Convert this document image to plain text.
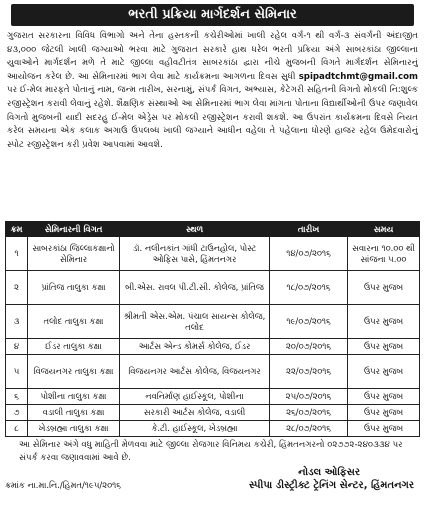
ભરતી પ્રક્રિયા માર્ગદર્શન સેમિનાર

ગુજરાત સરકારના વિવિધ વિભાગો અને તેના હસ્તકની કચેરીઓમાં ખાલી રહેલ વર્ગ-૧ થી વર્ગ-૩ સંવર્ગની અંદાજીત ૪૩,૦૦૦ જેટલી ખાલી જગ્યાઓ ભરવા માટે ગુજરાત સરકારે હાથ ધરેલ ભરતી પ્રક્રિયા અંગે સાબરકાંઠા જીલ્લાના યુવાઓને માર્ગદર્શન મળે તે માટે જીલ્લા વહીવટીતંત્ર સાબરકાંઠા દ્વારા નીચે મુજબની વિગતે માર્ગદર્શન સેમિનારનું આયોજન કરેલ છે. આ સેમિનારમાં ભાગ લેવા માટે કાર્યક્રમના આગળના દિવસ સુધી spipadtchmt@gmail.com પર ઈ-મેલ મારફતે પોતાનું નામ, જન્મ તારીખ, સરનામું, સંપર્ક વિગત, અભ્યાસ, કેટેગરી સહિતની વિગતો મોકલી નિ:શુલ્ક રજીસ્ટ્રેશન કરાવી લેવાનું રહેશે. શૈક્ષણિક સંસ્થાઓ આ સેમિનારમાં ભાગ લેવા માંગતા પોતાના વિદ્યાર્થીઓની ઉપર જણાવેલ વિગતો મુજબની યાદી સદરહુ ઈ-મેલ એડ્રેસ પર મોકલી રજીસ્ટ્રેશન કરાવી શકશે. આ ઉપરાંત કાર્યક્રમના દિવસે નિયત કરેલ સમયના એક કલાક અગાઉ ઉપલબ્ધ ખાલી જગ્યાને આધીન વહેલા તે પહેલાના ધોરણે હાજર રહેલ ઉમેદવારોનું સ્પોટ રજીસ્ટ્રેશન કરી પ્રવેશ આપવામાં આવશે.

ક્રમ	સેમિનારની વિગત	સ્થળ	તારીખ	સમય
૧	સાબરકાંઠા જિલ્લાકક્ષાનો સેમિનાર	ડૉ. નલીનકાંત ગાંધી ટાઉનહોલ, પોસ્ટ ઓફિસ પાસે, હિંમતનગર	૧૪/૦૭/૨૦૧૬	સવારના ૧૦.૦૦ થી સાંજના ૫.૦૦
૨	પ્રાંતિજ તાલુકા કક્ષા	બી.એસ. રાવલ પી.ટી.સી. કોલેજ, પ્રાંતિજ	૧૮/૦૭/૨૦૧૬	ઉપર મુજબ
૩	તલોદ તાલુકા કક્ષા	શ્રીમતી એસ.એમ. પંચાલ સાયન્સ કોલેજ, તલોદ	૧૯/૦૭/૨૦૧૬	ઉપર મુજબ
૪	ઈડર તાલુકા કક્ષા	આર્ટસ એન્ડ કોમર્સ કોલેજ, ઈડર	૨૦/૦૭/૨૦૧૬	ઉપર મુજબ
૫	વિજયનગર તાલુકા કક્ષા	વિજયનગર આર્ટસ કોલેજ, વિજયનગર	૨૨/૦૭/૨૦૧૬	ઉપર મુજબ
૬	પોશીના તાલુકા કક્ષા	નવનિર્માણ હાઈસ્કૂલ, પોશીના	૨૫/૦૭/૨૦૧૬	ઉપર મુજબ
૭	વડાલી તાલુકા કક્ષા	સરકારી આર્ટસ કોલેજ, વડાલી	૨૬/૦૭/૨૦૧૬	ઉપર મુજબ
૮	ખેડબ્રહ્મા તાલુકા કક્ષા	કે.ટી. હાઈસ્કૂલ, ખેડબ્રહ્મા	૨૮/૦૭/૨૦૧૬	ઉપર મુજબ

આ સેમિનાર અંગે વધુ માહિતી મેળવવા માટે જીલ્લા રોજગાર વિનિમય કચેરી, હિંમતનગરનો ૦૨૭૭૨-૨૪૦૩૩૪ પર સંપર્ક કરવા જણાવવામાં આવે છે.

નોડલ ઓફિસર
ક્રમાંક ના.મા.નિ./હિમત/૧૯૫/૨૦૧૬	સ્પીપા ડીસ્ટ્રીક્ટ ટ્રેનિંગ સેન્ટર, હિંમતનગર
